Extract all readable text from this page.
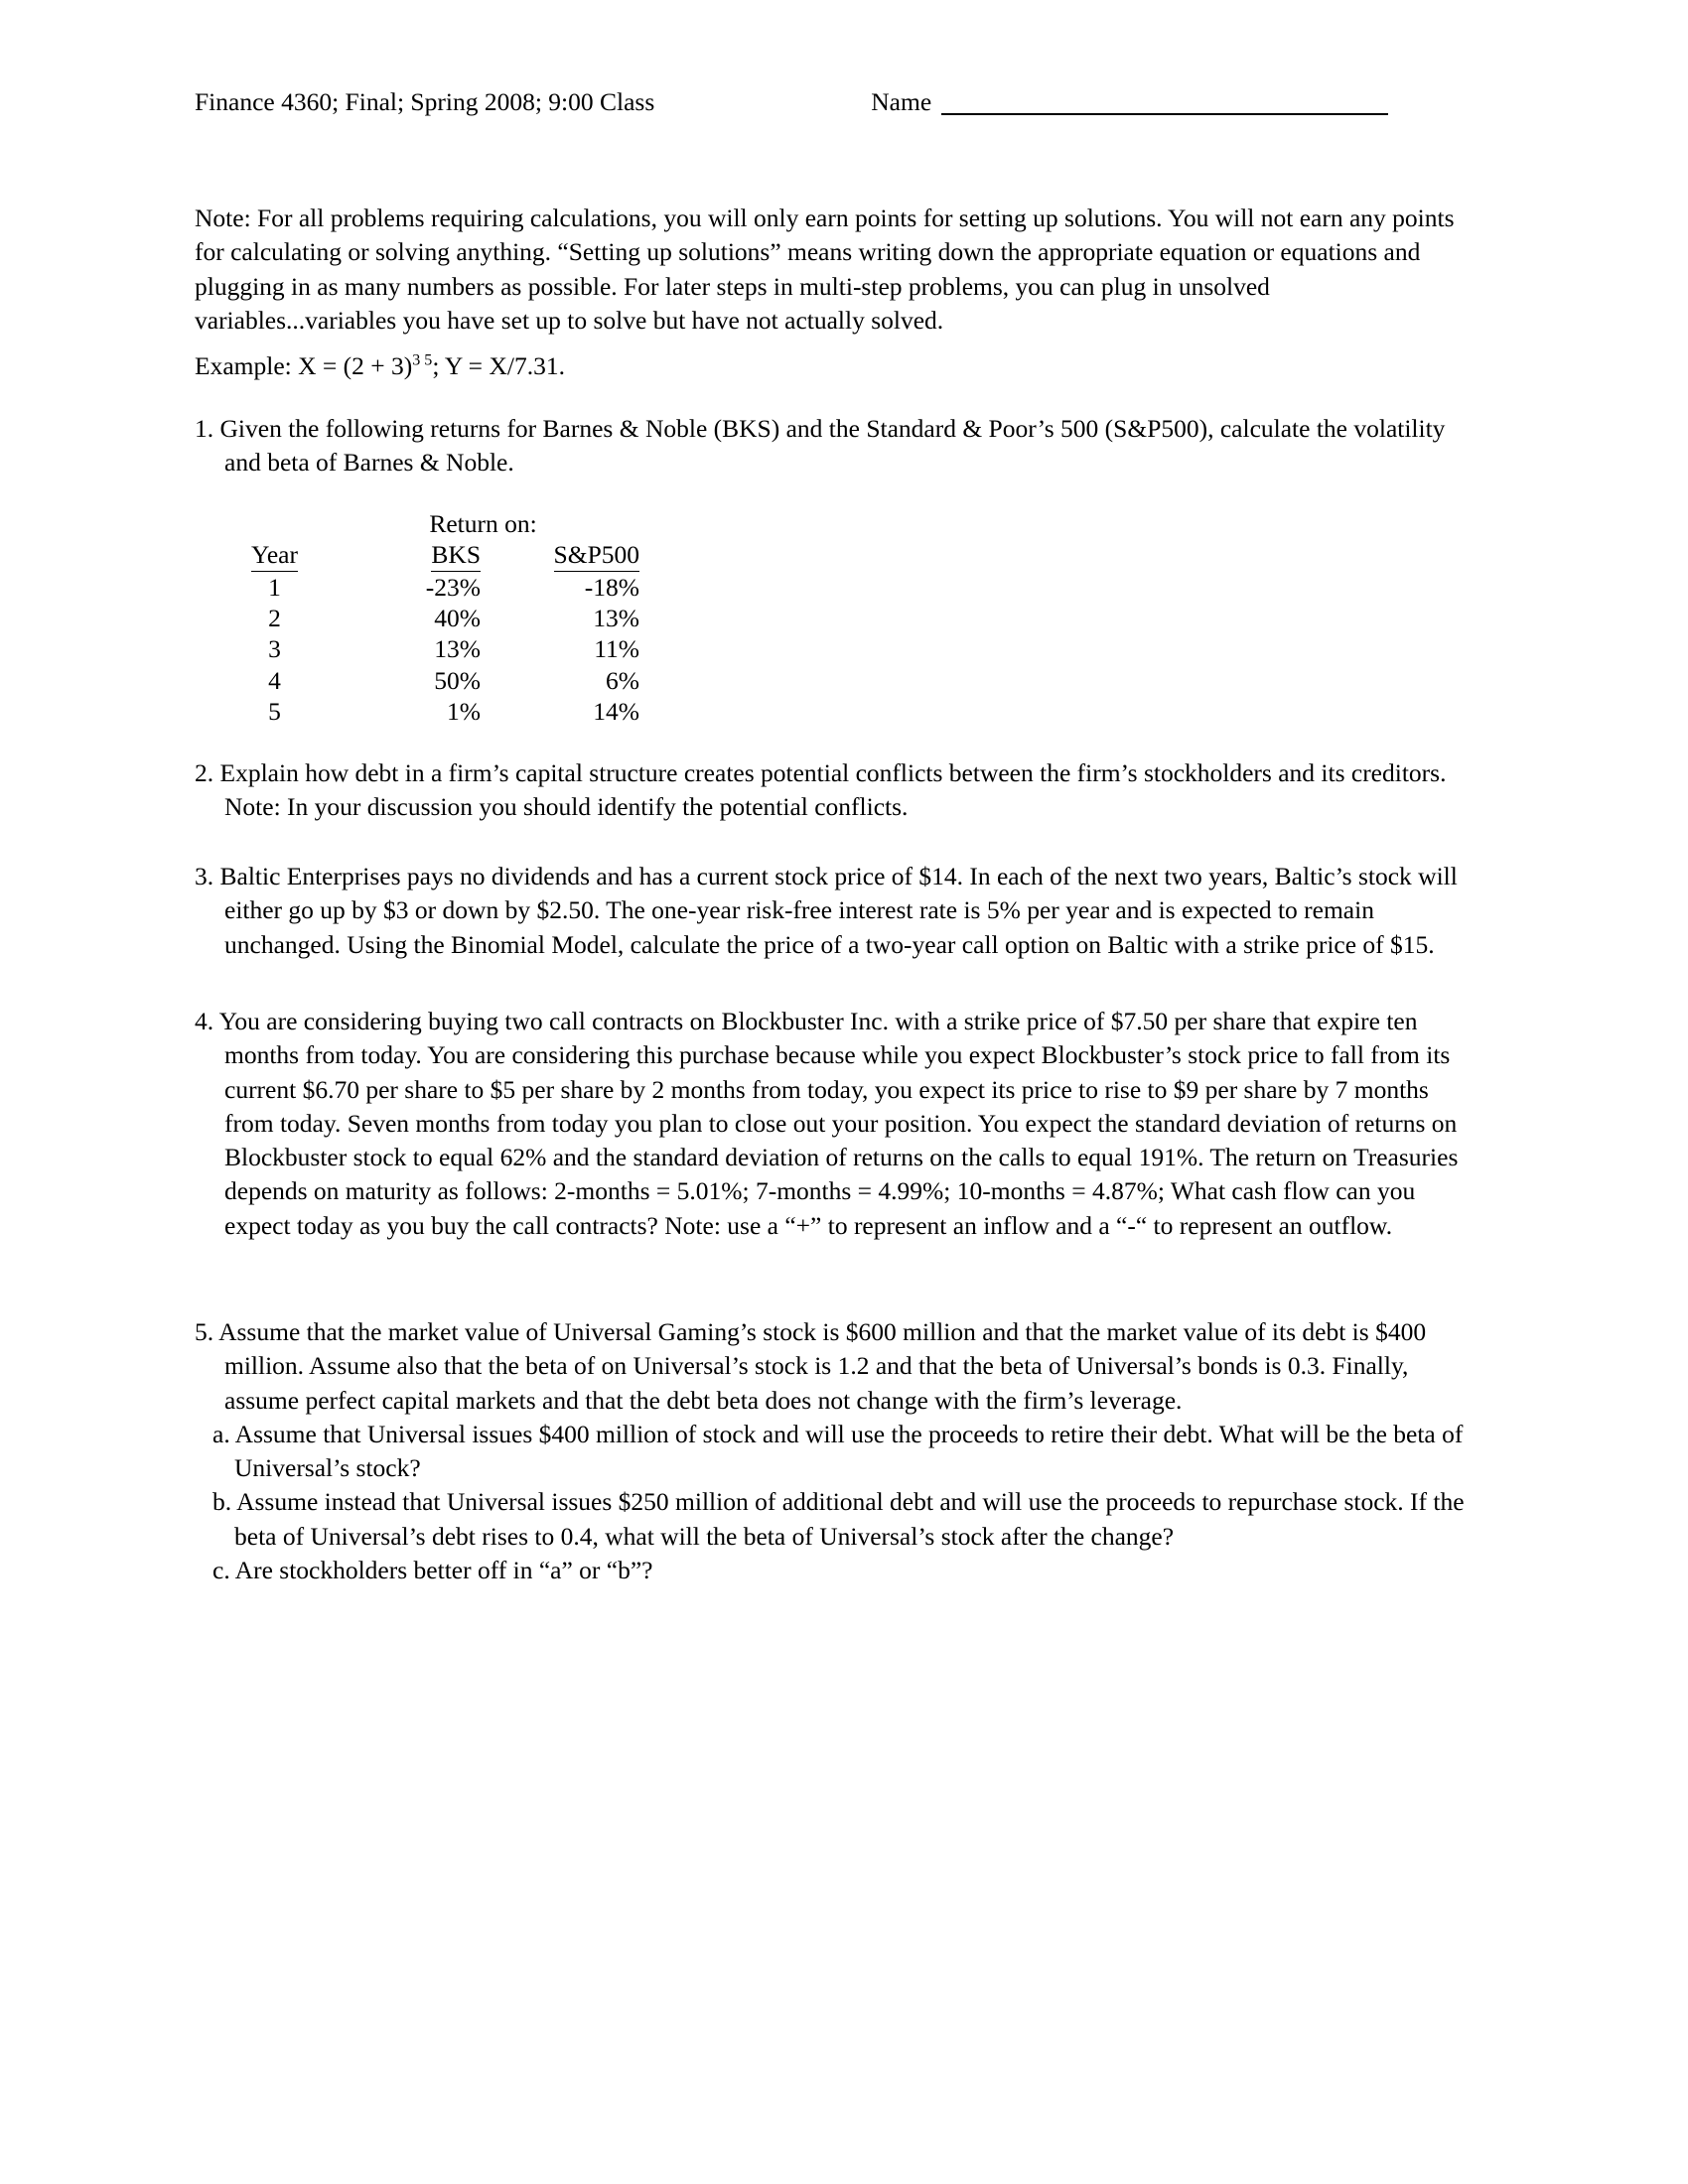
Finance 4360; Final; Spring 2008; 9:00 Class	Name

Note: For all problems requiring calculations, you will only earn points for setting up solutions. You will not earn any points for calculating or solving anything. “Setting up solutions” means writing down the appropriate equation or equations and plugging in as many numbers as possible. For later steps in multi-step problems, you can plug in unsolved variables...variables you have set up to solve but have not actually solved.

Example: $X = (2 + 3)^{3 5}$; Y = X/7.31.

1. Given the following returns for Barnes & Noble (BKS) and the Standard & Poor’s 500 (S&P500), calculate the volatility and beta of Barnes & Noble.

	Return on:	
Year	BKS	S&P500
1	-23%	-18%
2	40%	13%
3	13%	11%
4	50%	6%
5	1%	14%

2. Explain how debt in a firm’s capital structure creates potential conflicts between the firm’s stockholders and its creditors. Note: In your discussion you should identify the potential conflicts.

3. Baltic Enterprises pays no dividends and has a current stock price of $14. In each of the next two years, Baltic’s stock will either go up by $3 or down by $2.50. The one-year risk-free interest rate is 5% per year and is expected to remain unchanged. Using the Binomial Model, calculate the price of a two-year call option on Baltic with a strike price of $15.

4. You are considering buying two call contracts on Blockbuster Inc. with a strike price of $7.50 per share that expire ten months from today. You are considering this purchase because while you expect Blockbuster’s stock price to fall from its current $6.70 per share to $5 per share by 2 months from today, you expect its price to rise to $9 per share by 7 months from today. Seven months from today you plan to close out your position. You expect the standard deviation of returns on Blockbuster stock to equal 62% and the standard deviation of returns on the calls to equal 191%. The return on Treasuries depends on maturity as follows: 2-months = 5.01%; 7-months = 4.99%; 10-months = 4.87%; What cash flow can you expect today as you buy the call contracts? Note: use a “+” to represent an inflow and a “-“ to represent an outflow.

5. Assume that the market value of Universal Gaming’s stock is $600 million and that the market value of its debt is $400 million. Assume also that the beta of on Universal’s stock is 1.2 and that the beta of Universal’s bonds is 0.3. Finally, assume perfect capital markets and that the debt beta does not change with the firm’s leverage.

a. Assume that Universal issues $400 million of stock and will use the proceeds to retire their debt. What will be the beta of Universal’s stock?

b. Assume instead that Universal issues $250 million of additional debt and will use the proceeds to repurchase stock. If the beta of Universal’s debt rises to 0.4, what will the beta of Universal’s stock after the change?

c. Are stockholders better off in “a” or “b”?
